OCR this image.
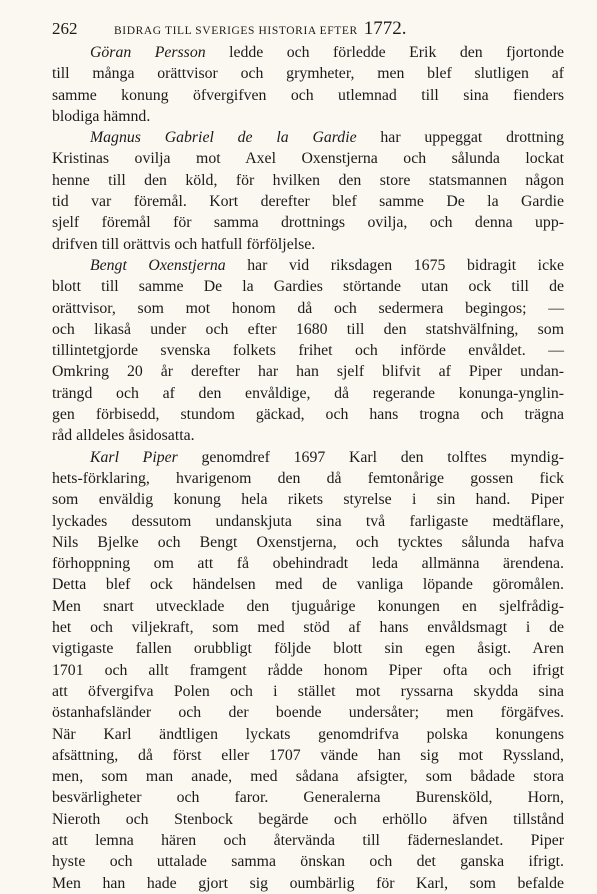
262	BIDRAG TILL SVERIGES HISTORIA EFTER 1772.
Göran Persson ledde och förledde Erik den fjortonde
till många orättvisor och grymheter, men blef slutligen af
samme konung öfvergifven och utlemnad till sina fienders
blodiga hämnd.
Magnus Gabriel de la Gardie har uppeggat drottning
Kristinas ovilja mot Axel Oxenstjerna och sålunda lockat
henne till den köld, för hvilken den store statsmannen någon
tid var föremål. Kort derefter blef samme De la Gardie
sjelf föremål för samma drottnings ovilja, och denna upp-
drifven till orättvis och hatfull förföljelse.
Bengt Oxenstjerna har vid riksdagen 1675 bidragit icke
blott till samme De la Gardies störtande utan ock till de
orättvisor, som mot honom då och sedermera begingos; —
och likaså under och efter 1680 till den statshvälfning, som
tillintetgjorde svenska folkets frihet och införde envåldet. —
Omkring 20 år derefter har han sjelf blifvit af Piper undan-
trängd och af den envåldige, då regerande konunga-ynglin-
gen förbisedd, stundom gäckad, och hans trogna och trägna
råd alldeles åsidosatta.
Karl Piper genomdref 1697 Karl den tolftes myndig-
hets-förklaring, hvarigenom den då femtonårige gossen fick
som enväldig konung hela rikets styrelse i sin hand. Piper
lyckades dessutom undanskjuta sina två farligaste medtäflare,
Nils Bjelke och Bengt Oxenstjerna, och tycktes sålunda hafva
förhoppning om att få obehindradt leda allmänna ärendena.
Detta blef ock händelsen med de vanliga löpande göromålen.
Men snart utvecklade den tjuguårige konungen en sjelfrådig-
het och viljekraft, som med stöd af hans envåldsmagt i de
vigtigaste fallen orubbligt följde blott sin egen åsigt. Aren
1701 och allt framgent rådde honom Piper ofta och ifrigt
att öfvergifva Polen och i stället mot ryssarna skydda sina
östanhafsländer och der boende undersåter; men förgäfves.
När Karl ändtligen lyckats genomdrifva polska konungens
afsättning, då först eller 1707 vände han sig mot Ryssland,
men, som man anade, med sådana afsigter, som bådade stora
besvärligheter och faror. Generalerna Burensköld, Horn,
Nieroth och Stenbock begärde och erhöllo äfven tillstånd
att lemna hären och återvända till fäderneslandet. Piper
hyste och uttalade samma önskan och det ganska ifrigt.
Men han hade gjort sig oumbärlig för Karl, som befalde
